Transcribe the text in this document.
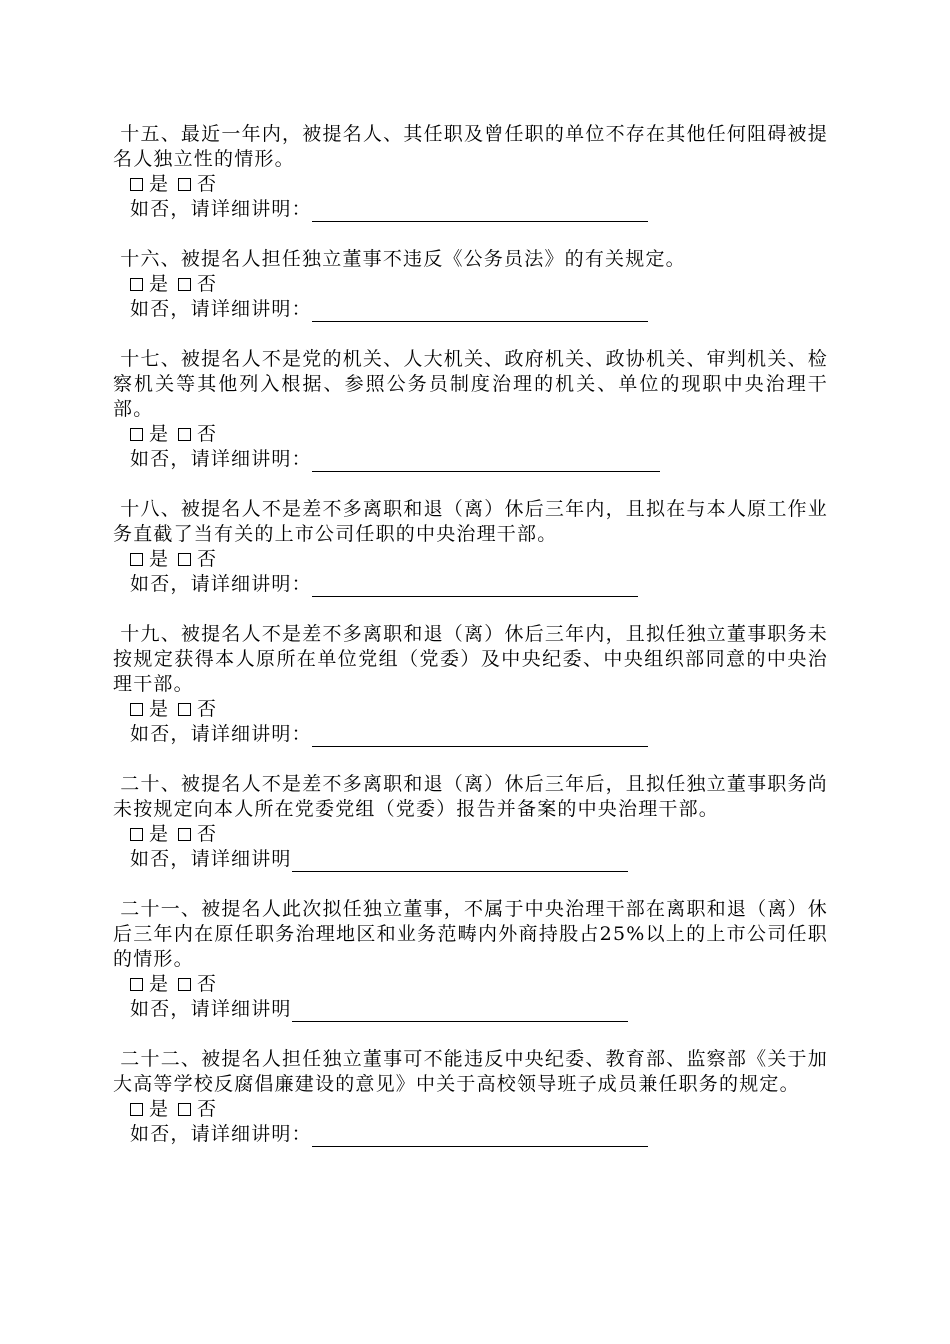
十五、最近一年内，被提名人、其任职及曾任职的单位不存在其他任何阻碍被提名人独立性的情形。

是 否
如否，请详细讲明：

十六、被提名人担任独立董事不违反《公务员法》的有关规定。

是 否
如否，请详细讲明：

十七、被提名人不是党的机关、人大机关、政府机关、政协机关、审判机关、检察机关等其他列入根据、参照公务员制度治理的机关、单位的现职中央治理干部。

是 否
如否，请详细讲明：

十八、被提名人不是差不多离职和退（离）休后三年内，且拟在与本人原工作业务直截了当有关的上市公司任职的中央治理干部。

是 否
如否，请详细讲明：

十九、被提名人不是差不多离职和退（离）休后三年内，且拟任独立董事职务未按规定获得本人原所在单位党组（党委）及中央纪委、中央组织部同意的中央治理干部。

是 否
如否，请详细讲明：

二十、被提名人不是差不多离职和退（离）休后三年后，且拟任独立董事职务尚未按规定向本人所在党委党组（党委）报告并备案的中央治理干部。

是 否
如否，请详细讲明

二十一、被提名人此次拟任独立董事，不属于中央治理干部在离职和退（离）休后三年内在原任职务治理地区和业务范畴内外商持股占25%以上的上市公司任职的情形。

是 否
如否，请详细讲明

二十二、被提名人担任独立董事可不能违反中央纪委、教育部、监察部《关于加大高等学校反腐倡廉建设的意见》中关于高校领导班子成员兼任职务的规定。

是 否
如否，请详细讲明：
